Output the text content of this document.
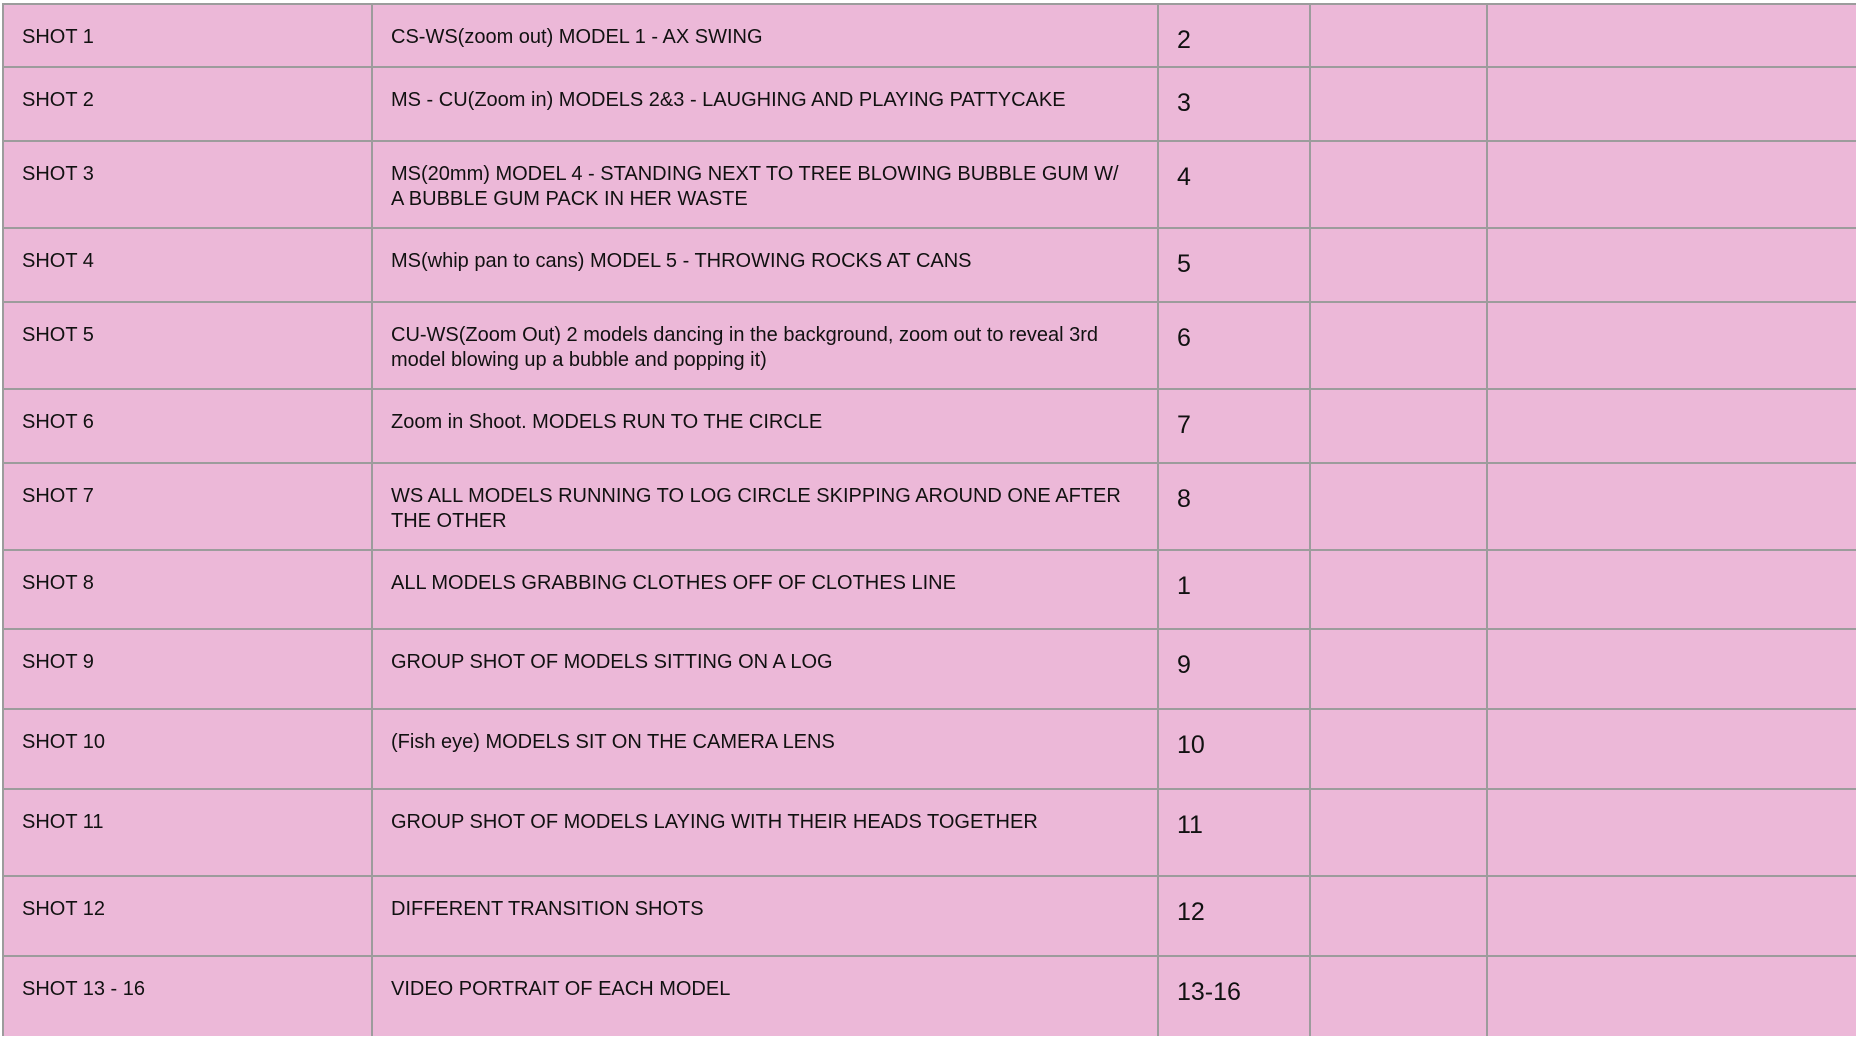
SHOT 1	CS-WS(zoom out) MODEL 1 - AX SWING	2		
SHOT 2	MS - CU(Zoom in) MODELS 2&3 - LAUGHING AND PLAYING PATTYCAKE	3		
SHOT 3	MS(20mm) MODEL 4 - STANDING NEXT TO TREE BLOWING BUBBLE GUM W/ A BUBBLE GUM PACK IN HER WASTE	4		
SHOT 4	MS(whip pan to cans) MODEL 5 - THROWING ROCKS AT CANS	5		
SHOT 5	CU-WS(Zoom Out) 2 models dancing in the background, zoom out to reveal 3rd model blowing up a bubble and popping it)	6		
SHOT 6	Zoom in Shoot. MODELS RUN TO THE CIRCLE	7		
SHOT 7	WS ALL MODELS RUNNING TO LOG CIRCLE SKIPPING AROUND ONE AFTER THE OTHER	8		
SHOT 8	ALL MODELS GRABBING CLOTHES OFF OF CLOTHES LINE	1		
SHOT 9	GROUP SHOT OF MODELS SITTING ON A LOG	9		
SHOT 10	(Fish eye) MODELS SIT ON THE CAMERA LENS	10		
SHOT 11	GROUP SHOT OF MODELS LAYING WITH THEIR HEADS TOGETHER	11		
SHOT 12	DIFFERENT TRANSITION SHOTS	12		
SHOT 13 - 16	VIDEO PORTRAIT OF EACH MODEL	13-16		
